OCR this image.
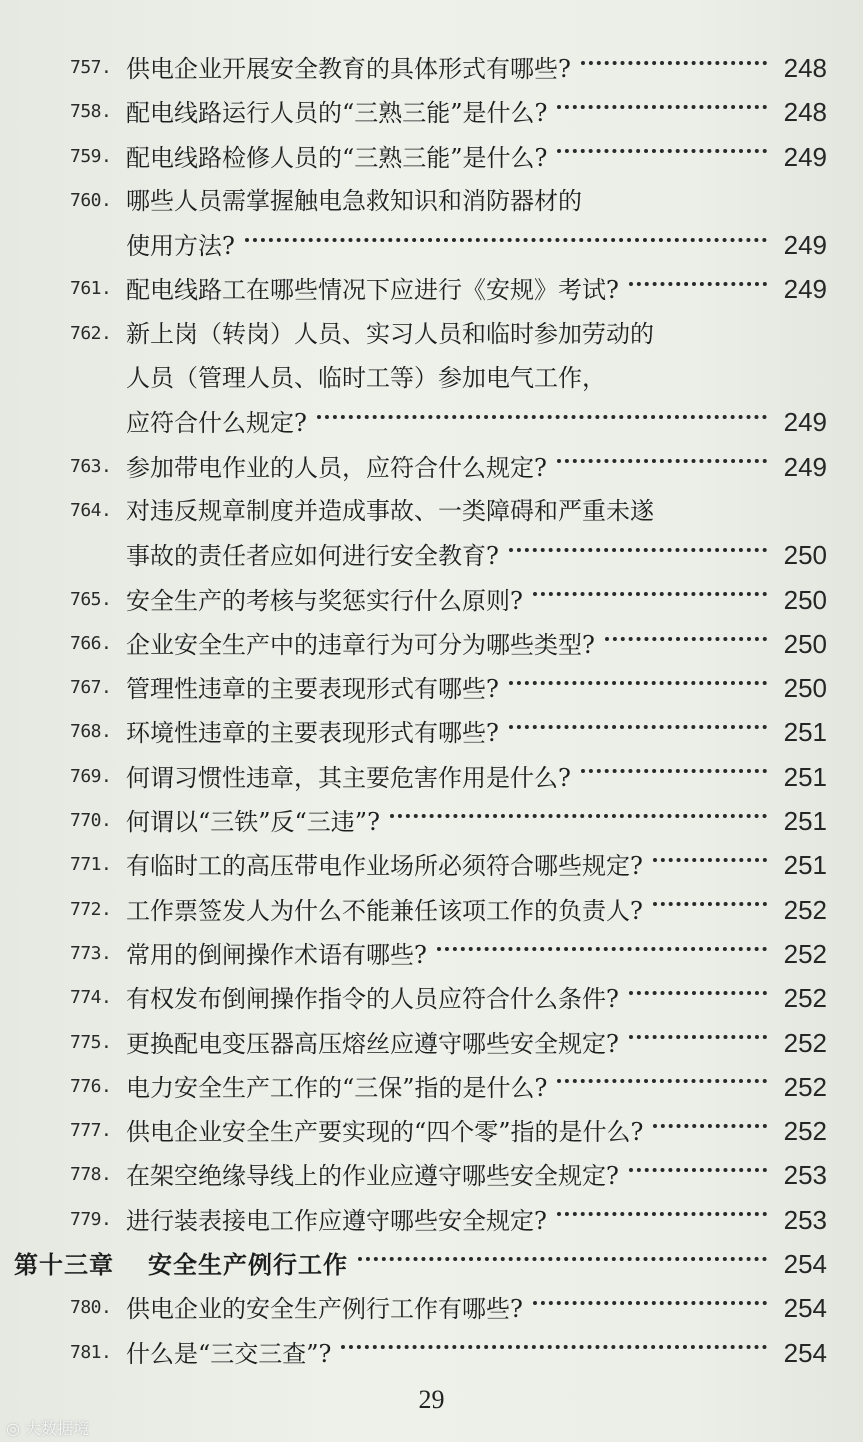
757. 供电企业开展安全教育的具体形式有哪些?	248
758. 配电线路运行人员的“三熟三能”是什么?	248
759. 配电线路检修人员的“三熟三能”是什么?	249
760. 哪些人员需掌握触电急救知识和消防器材的
使用方法?	249
761. 配电线路工在哪些情况下应进行《安规》考试?	249
762. 新上岗（转岗）人员、实习人员和临时参加劳动的
人员（管理人员、临时工等）参加电气工作，
应符合什么规定?	249
763. 参加带电作业的人员，应符合什么规定?	249
764. 对违反规章制度并造成事故、一类障碍和严重未遂
事故的责任者应如何进行安全教育?	250
765. 安全生产的考核与奖惩实行什么原则?	250
766. 企业安全生产中的违章行为可分为哪些类型?	250
767. 管理性违章的主要表现形式有哪些?	250
768. 环境性违章的主要表现形式有哪些?	251
769. 何谓习惯性违章，其主要危害作用是什么?	251
770. 何谓以“三铁”反“三违”?	251
771. 有临时工的高压带电作业场所必须符合哪些规定?	251
772. 工作票签发人为什么不能兼任该项工作的负责人?	252
773. 常用的倒闸操作术语有哪些?	252
774. 有权发布倒闸操作指令的人员应符合什么条件?	252
775. 更换配电变压器高压熔丝应遵守哪些安全规定?	252
776. 电力安全生产工作的“三保”指的是什么?	252
777. 供电企业安全生产要实现的“四个零”指的是什么?	252
778. 在架空绝缘导线上的作业应遵守哪些安全规定?	253
779. 进行装表接电工作应遵守哪些安全规定?	253
第十三章 安全生产例行工作	254
780. 供电企业的安全生产例行工作有哪些?	254
781. 什么是“三交三查”?	254
29
◎ 大数据境
